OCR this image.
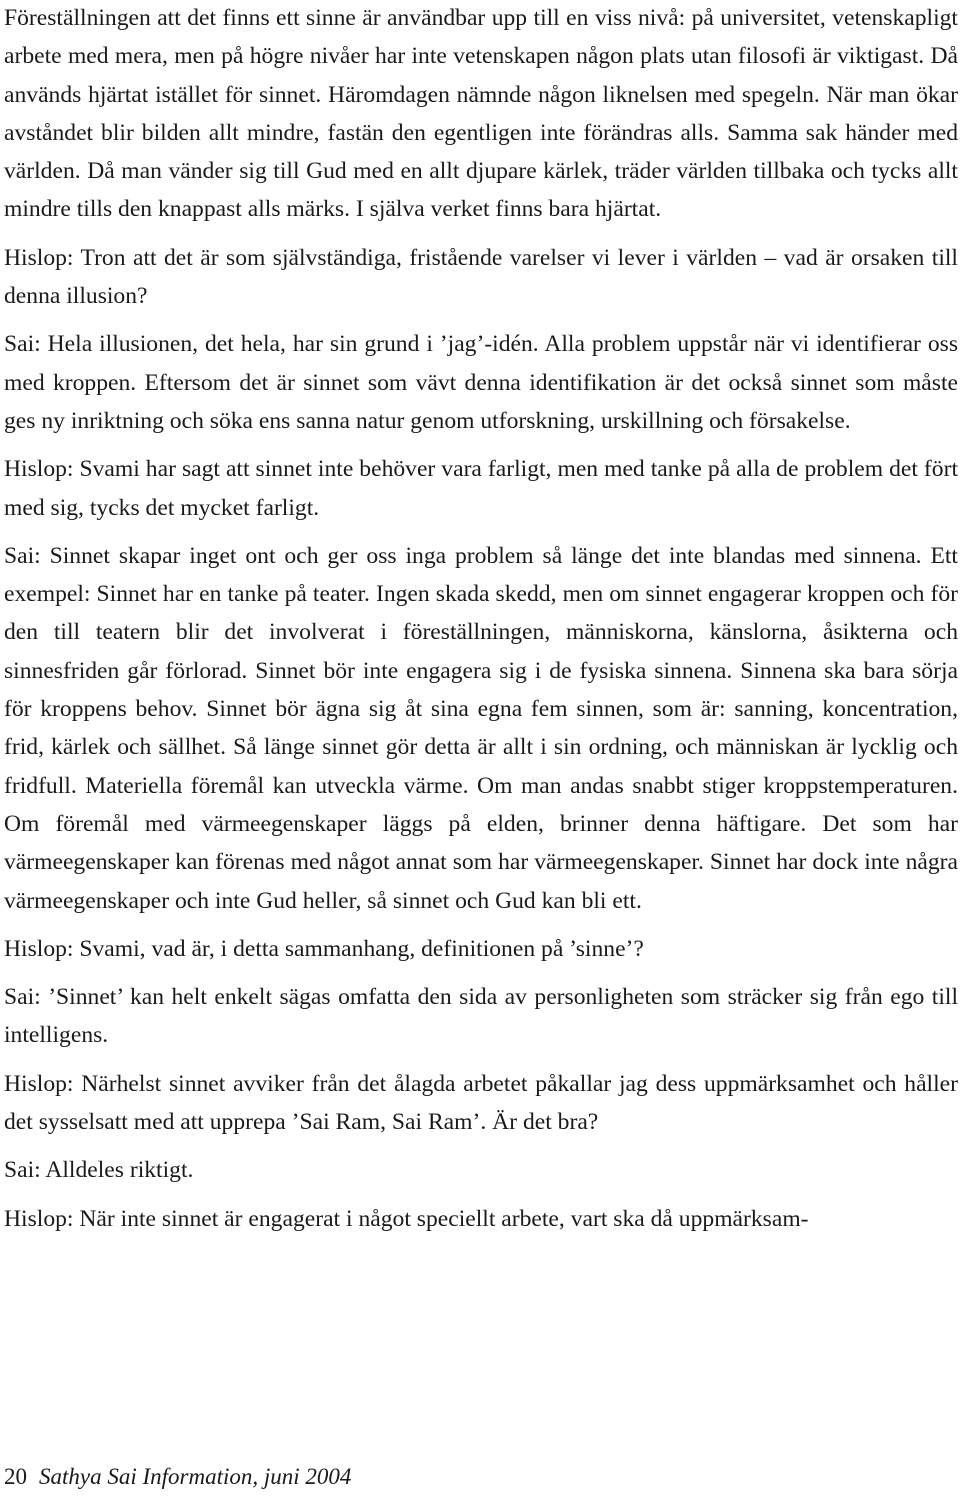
Föreställningen att det finns ett sinne är användbar upp till en viss nivå: på universitet, vetenskapligt arbete med mera, men på högre nivåer har inte vetenskapen någon plats utan filosofi är viktigast. Då används hjärtat istället för sinnet. Häromdagen nämnde någon liknelsen med spegeln. När man ökar avståndet blir bilden allt mindre, fastän den egentligen inte förändras alls. Samma sak händer med världen. Då man vänder sig till Gud med en allt djupare kärlek, träder världen tillbaka och tycks allt mindre tills den knappast alls märks. I själva verket finns bara hjärtat.

Hislop: Tron att det är som självständiga, fristående varelser vi lever i världen – vad är orsaken till denna illusion?

Sai: Hela illusionen, det hela, har sin grund i ’jag’-idén. Alla problem uppstår när vi identifierar oss med kroppen. Eftersom det är sinnet som vävt denna identifikation är det också sinnet som måste ges ny inriktning och söka ens sanna natur genom utforskning, urskillning och försakelse.

Hislop: Svami har sagt att sinnet inte behöver vara farligt, men med tanke på alla de problem det fört med sig, tycks det mycket farligt.

Sai: Sinnet skapar inget ont och ger oss inga problem så länge det inte blandas med sinnena. Ett exempel: Sinnet har en tanke på teater. Ingen skada skedd, men om sinnet engagerar kroppen och för den till teatern blir det involverat i föreställningen, människorna, känslorna, åsikterna och sinnesfriden går förlorad. Sinnet bör inte engagera sig i de fysiska sinnena. Sinnena ska bara sörja för kroppens behov. Sinnet bör ägna sig åt sina egna fem sinnen, som är: sanning, koncentration, frid, kärlek och sällhet. Så länge sinnet gör detta är allt i sin ordning, och människan är lycklig och fridfull. Materiella föremål kan utveckla värme. Om man andas snabbt stiger kroppstemperaturen. Om föremål med värmeegenskaper läggs på elden, brinner denna häftigare. Det som har värmeegenskaper kan förenas med något annat som har värmeegenskaper. Sinnet har dock inte några värmeegenskaper och inte Gud heller, så sinnet och Gud kan bli ett.

Hislop: Svami, vad är, i detta sammanhang, definitionen på ’sinne’?

Sai: ’Sinnet’ kan helt enkelt sägas omfatta den sida av personligheten som sträcker sig från ego till intelligens.

Hislop: Närhelst sinnet avviker från det ålagda arbetet påkallar jag dess uppmärksamhet och håller det sysselsatt med att upprepa ’Sai Ram, Sai Ram’. Är det bra?

Sai: Alldeles riktigt.

Hislop: När inte sinnet är engagerat i något speciellt arbete, vart ska då uppmärksam-

20 Sathya Sai Information, juni 2004
